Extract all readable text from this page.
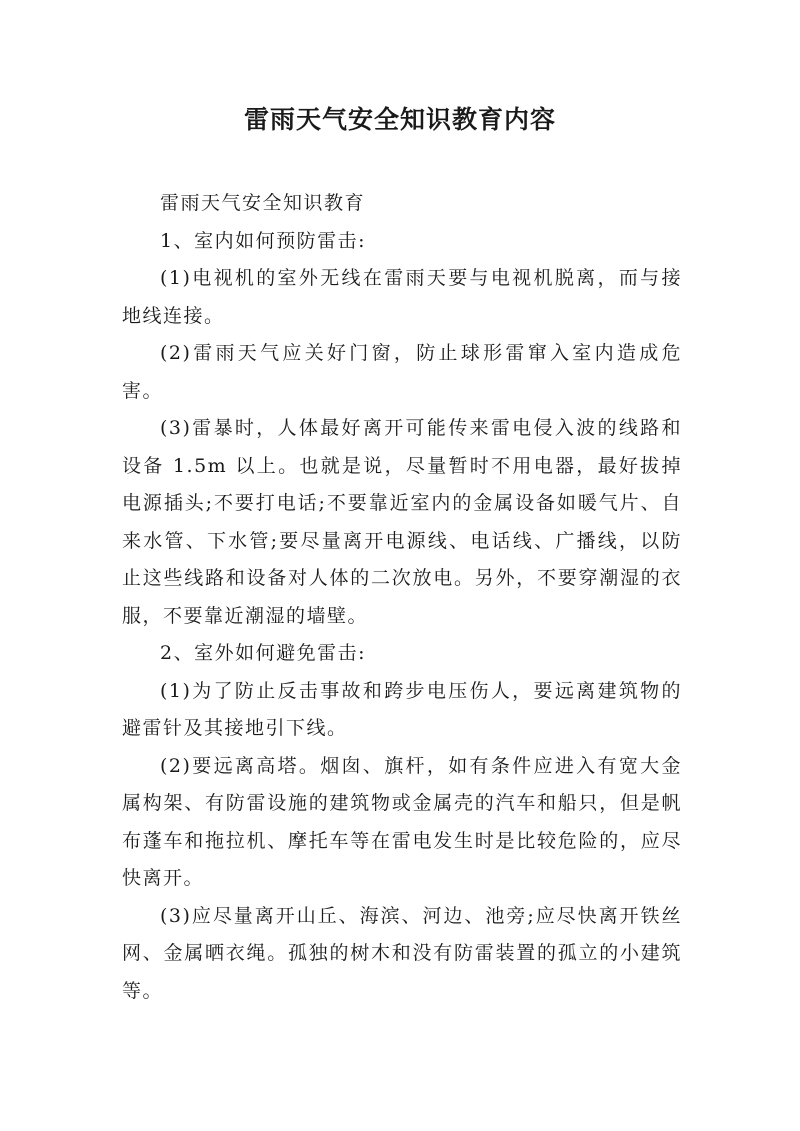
雷雨天气安全知识教育内容

雷雨天气安全知识教育

1、室内如何预防雷击:

(1)电视机的室外无线在雷雨天要与电视机脱离，而与接地线连接。

(2)雷雨天气应关好门窗，防止球形雷窜入室内造成危害。

(3)雷暴时，人体最好离开可能传来雷电侵入波的线路和设备 1.5m 以上。也就是说，尽量暂时不用电器，最好拔掉电源插头;不要打电话;不要靠近室内的金属设备如暖气片、自来水管、下水管;要尽量离开电源线、电话线、广播线，以防止这些线路和设备对人体的二次放电。另外，不要穿潮湿的衣服，不要靠近潮湿的墙壁。

2、室外如何避免雷击:

(1)为了防止反击事故和跨步电压伤人，要远离建筑物的避雷针及其接地引下线。

(2)要远离高塔。烟囱、旗杆，如有条件应进入有宽大金属构架、有防雷设施的建筑物或金属壳的汽车和船只，但是帆布蓬车和拖拉机、摩托车等在雷电发生时是比较危险的，应尽快离开。

(3)应尽量离开山丘、海滨、河边、池旁;应尽快离开铁丝网、金属晒衣绳。孤独的树木和没有防雷装置的孤立的小建筑等。
